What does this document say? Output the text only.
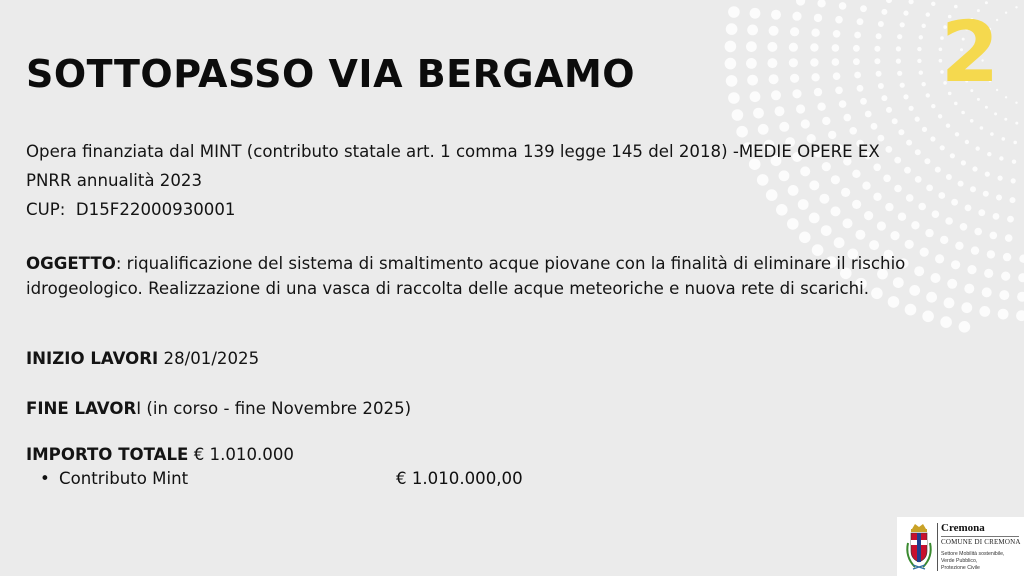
2
SOTTOPASSO VIA BERGAMO
Opera finanziata dal MINT (contributo statale art. 1 comma 139 legge 145 del 2018) -MEDIE OPERE EX
PNRR annualità 2023
CUP: D15F22000930001
OGGETTO: riqualificazione del sistema di smaltimento acque piovane con la finalità di eliminare il rischio idrogeologico. Realizzazione di una vasca di raccolta delle acque meteoriche e nuova rete di scarichi.
INIZIO LAVORI 28/01/2025
FINE LAVORI (in corso - fine Novembre 2025)
IMPORTO TOTALE € 1.010.000
• Contributo Mint	€ 1.010.000,00
Cremona
COMUNE DI CREMONA
Settore Mobilità sostenibile,
Verde Pubblico,
Protezione Civile
